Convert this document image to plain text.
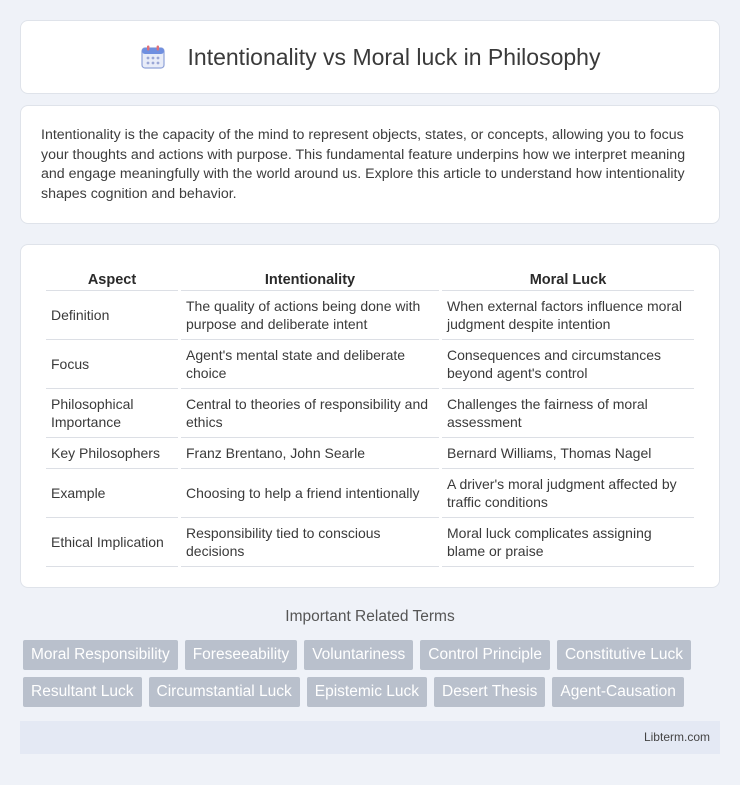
Intentionality vs Moral luck in Philosophy

Intentionality is the capacity of the mind to represent objects, states, or concepts, allowing you to focus your thoughts and actions with purpose. This fundamental feature underpins how we interpret meaning and engage meaningfully with the world around us. Explore this article to understand how intentionality shapes cognition and behavior.

Aspect	Intentionality	Moral Luck
Definition	The quality of actions being done with purpose and deliberate intent	When external factors influence moral judgment despite intention
Focus	Agent's mental state and deliberate choice	Consequences and circumstances beyond agent's control
Philosophical Importance	Central to theories of responsibility and ethics	Challenges the fairness of moral assessment
Key Philosophers	Franz Brentano, John Searle	Bernard Williams, Thomas Nagel
Example	Choosing to help a friend intentionally	A driver's moral judgment affected by traffic conditions
Ethical Implication	Responsibility tied to conscious decisions	Moral luck complicates assigning blame or praise
Important Related Terms
Moral Responsibility	Foreseeability	Voluntariness	Control Principle	Constitutive Luck
Resultant Luck	Circumstantial Luck	Epistemic Luck	Desert Thesis	Agent-Causation
Libterm.com
